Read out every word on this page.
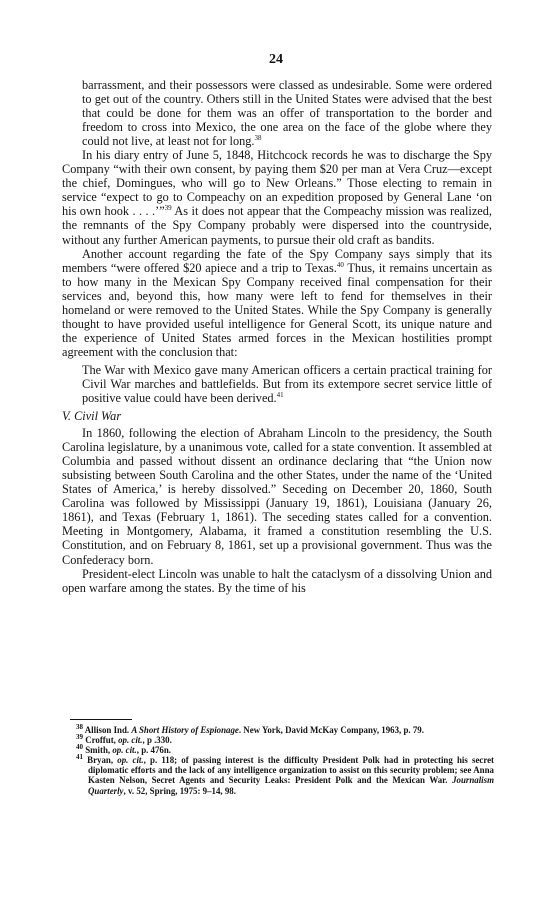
24

barrassment, and their possessors were classed as undesirable. Some were ordered to get out of the country. Others still in the United States were advised that the best that could be done for them was an offer of transportation to the border and freedom to cross into Mexico, the one area on the face of the globe where they could not live, at least not for long.$^{38}$

In his diary entry of June 5, 1848, Hitchcock records he was to discharge the Spy Company “with their own consent, by paying them $20 per man at Vera Cruz—except the chief, Domingues, who will go to New Orleans.” Those electing to remain in service “expect to go to Compeachy on an expedition proposed by General Lane ‘on his own hook . . . .’”$^{39}$ As it does not appear that the Compeachy mission was realized, the remnants of the Spy Company probably were dispersed into the countryside, without any further American payments, to pursue their old craft as bandits.

Another account regarding the fate of the Spy Company says simply that its members “were offered $20 apiece and a trip to Texas.$^{40}$ Thus, it remains uncertain as to how many in the Mexican Spy Company received final compensation for their services and, beyond this, how many were left to fend for themselves in their homeland or were removed to the United States. While the Spy Company is generally thought to have provided useful intelligence for General Scott, its unique nature and the experience of United States armed forces in the Mexican hostilities prompt agreement with the conclusion that:

The War with Mexico gave many American officers a certain practical training for Civil War marches and battlefields. But from its extempore secret service little of positive value could have been derived.$^{41}$
V. Civil War

In 1860, following the election of Abraham Lincoln to the presidency, the South Carolina legislature, by a unanimous vote, called for a state convention. It assembled at Columbia and passed without dissent an ordinance declaring that “the Union now subsisting between South Carolina and the other States, under the name of the ‘United States of America,’ is hereby dissolved.” Seceding on December 20, 1860, South Carolina was followed by Mississippi (January 19, 1861), Louisiana (January 26, 1861), and Texas (February 1, 1861). The seceding states called for a convention. Meeting in Montgomery, Alabama, it framed a constitution resembling the U.S. Constitution, and on February 8, 1861, set up a provisional government. Thus was the Confederacy born.

President-elect Lincoln was unable to halt the cataclysm of a dissolving Union and open warfare among the states. By the time of his

$^{38}$ Allison Ind. A Short History of Espionage. New York, David McKay Company, 1963, p. 79.

$^{39}$ Croffut, op. cit., p .330.

$^{40}$ Smith, op. cit., p. 476n.

$^{41}$ Bryan, op. cit., p. 118; of passing interest is the difficulty President Polk had in protecting his secret diplomatic efforts and the lack of any intelligence organization to assist on this security problem; see Anna Kasten Nelson, Secret Agents and Security Leaks: President Polk and the Mexican War. Journalism Quarterly, v. 52, Spring, 1975: 9–14, 98.
